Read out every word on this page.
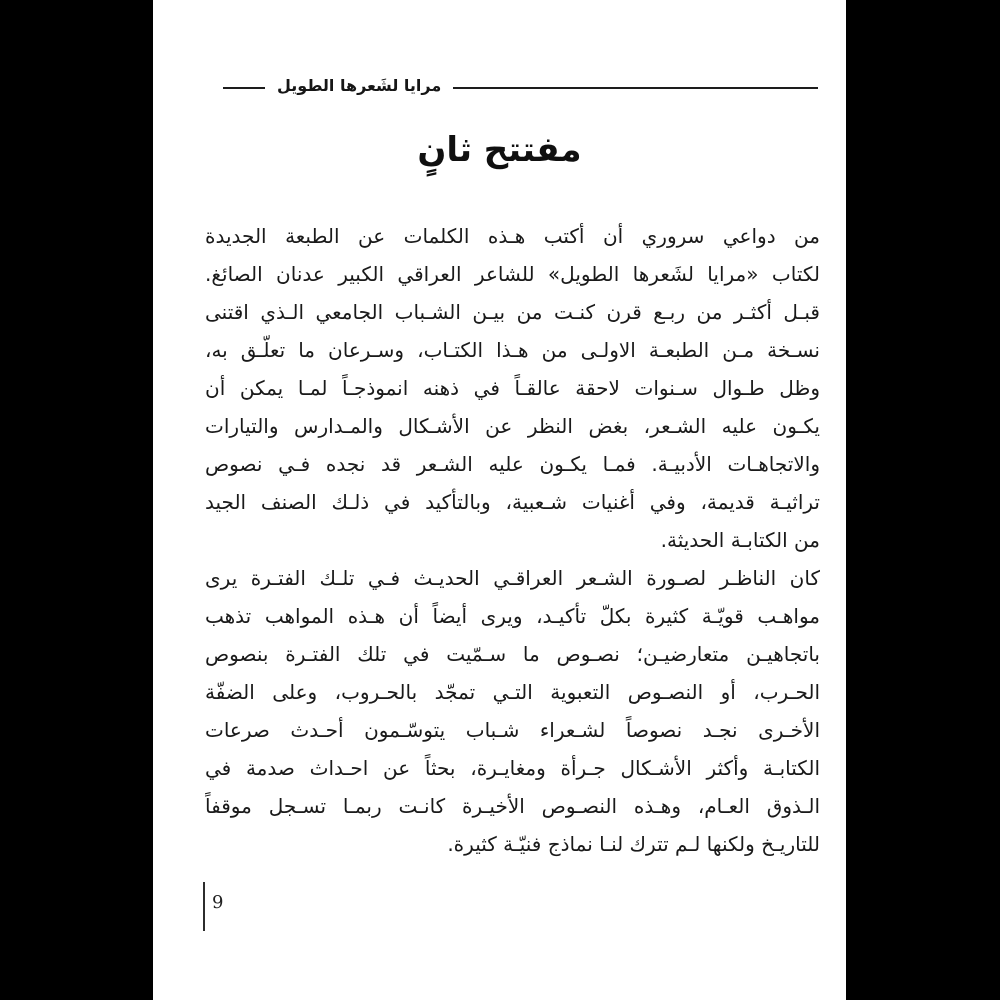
مرايا لشَعرها الطويل
مفتتح ثانٍ
من دواعي سروري أن أكتب هـذه الكلمات عن الطبعة الجديدة
لكتاب «مرايا لشَعرها الطويل» للشاعر العراقي الكبير عدنان الصائغ.
قبـل أكثـر من ربـع قرن كنـت من بيـن الشـباب الجامعي الـذي اقتنى
نسـخة مـن الطبعـة الاولـى من هـذا الكتـاب، وسـرعان ما تعلّـق به،
وظل طـوال سـنوات لاحقة عالقـاً في ذهنه انموذجـاً لمـا يمكن أن
يكـون عليه الشـعر، بغض النظر عن الأشـكال والمـدارس والتيارات
والاتجاهـات الأدبيـة. فمـا يكـون عليه الشـعر قد نجده فـي نصوص
تراثيـة قديمة، وفي أغنيات شـعبية، وبالتأكيد في ذلـك الصنف الجيد
من الكتابـة الحديثة.
كان الناظـر لصـورة الشـعر العراقـي الحديـث فـي تلـك الفتـرة يرى
مواهـب قويّـة كثيرة بكلّ تأكيـد، ويرى أيضاً أن هـذه المواهب تذهب
باتجاهيـن متعارضيـن؛ نصـوص ما سـمّيت في تلك الفتـرة بنصوص
الحـرب، أو النصـوص التعبوية التـي تمجّد بالحـروب، وعلى الضفّة
الأخـرى نجـد نصوصاً لشـعراء شـباب يتوسّـمون أحـدث صرعات
الكتابـة وأكثر الأشـكال جـرأة ومغايـرة، بحثاً عن احـداث صدمة في
الـذوق العـام، وهـذه النصـوص الأخيـرة كانـت ربمـا تسـجل موقفاً
للتاريـخ ولكنها لـم تترك لنـا نماذج فنيّـة كثيرة.
9
